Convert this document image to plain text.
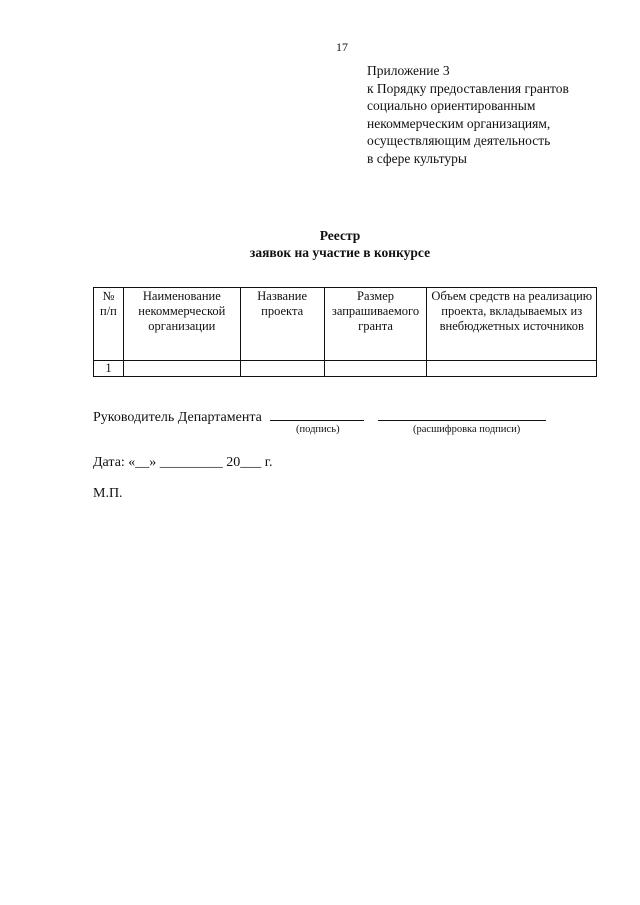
17
Приложение 3
к Порядку предоставления грантов
социально ориентированным
некоммерческим организациям,
осуществляющим деятельность
в сфере культуры
Реестр
заявок на участие в конкурсе
№ п/п	Наименование некоммерческой организации	Название проекта	Размер запрашиваемого гранта	Объем средств на реализацию проекта, вкладываемых из внебюджетных источников
1				
Руководитель Департамента
(подпись)	(расшифровка подписи)
Дата: «__» _________ 20___ г.
М.П.
